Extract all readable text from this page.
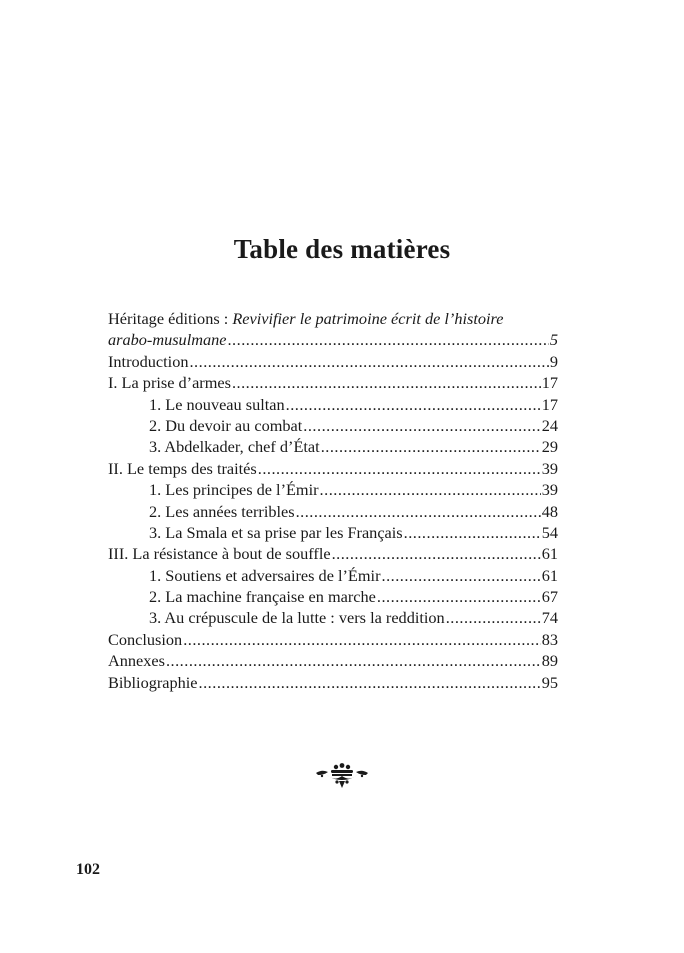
Table des matières
Héritage éditions : Revivifier le patrimoine écrit de l’histoire
arabo-musulmane .....	5
Introduction .....	9
I. La prise d’armes .....	17
1. Le nouveau sultan .....	17
2. Du devoir au combat .....	24
3. Abdelkader, chef d’État .....	29
II. Le temps des traités .....	39
1. Les principes de l’Émir .....	39
2. Les années terribles .....	48
3. La Smala et sa prise par les Français .....	54
III. La résistance à bout de souffle .....	61
1. Soutiens et adversaires de l’Émir .....	61
2. La machine française en marche .....	67
3. Au crépuscule de la lutte : vers la reddition .....	74
Conclusion .....	83
Annexes .....	89
Bibliographie .....	95
102
